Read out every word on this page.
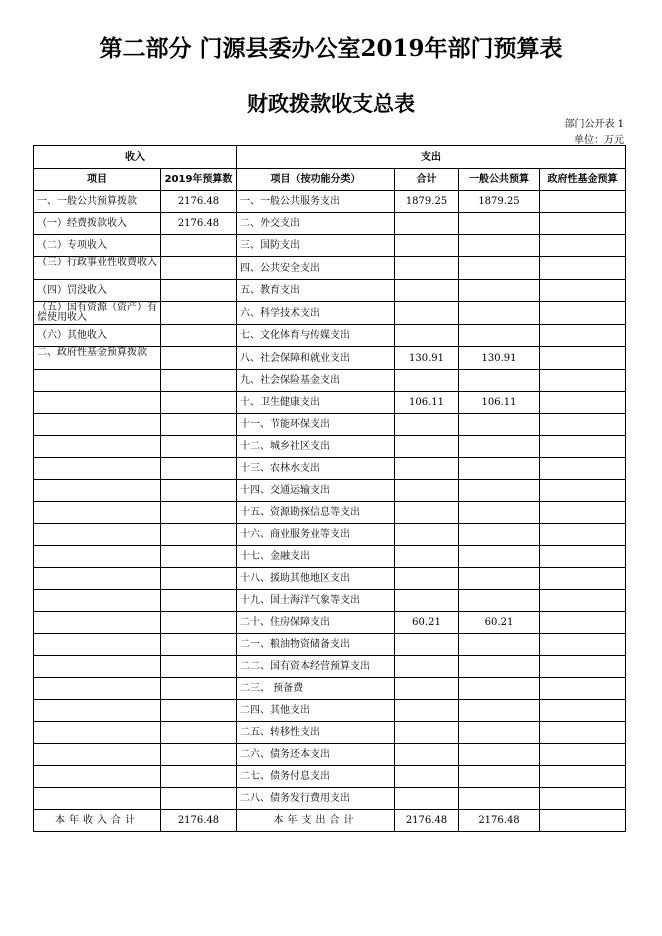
第二部分 门源县委办公室2019年部门预算表
财政拨款收支总表
部门公开表 1
单位：万元
收入		支出			
项目	2019年预算数	项目（按功能分类）	合计	一般公共预算	政府性基金预算
一、一般公共预算拨款	2176.48	一、一般公共服务支出	1879.25	1879.25	
（一）经费拨款收入	2176.48	二、外交支出			
（二）专项收入		三、国防支出			
（三）行政事业性收费收入		四、公共安全支出			
（四）罚没收入		五、教育支出			
（五）国有资源（资产）有偿使用收入		六、科学技术支出			
（六）其他收入		七、文化体育与传媒支出			
二、政府性基金预算拨款		八、社会保障和就业支出	130.91	130.91	
		九、社会保险基金支出			
		十、卫生健康支出	106.11	106.11	
		十一、节能环保支出			
		十二、城乡社区支出			
		十三、农林水支出			
		十四、交通运输支出			
		十五、资源勘探信息等支出			
		十六、商业服务业等支出			
		十七、金融支出			
		十八、援助其他地区支出			
		十九、国土海洋气象等支出			
		二十、住房保障支出	60.21	60.21	
		二一、粮油物资储备支出			
		二二、国有资本经营预算支出			
		二三、 预备费			
		二四、其他支出			
		二五、转移性支出			
		二六、债务还本支出			
		二七、债务付息支出			
		二八、债务发行费用支出			
本年收入合计	2176.48	本年支出合计	2176.48	2176.48	
